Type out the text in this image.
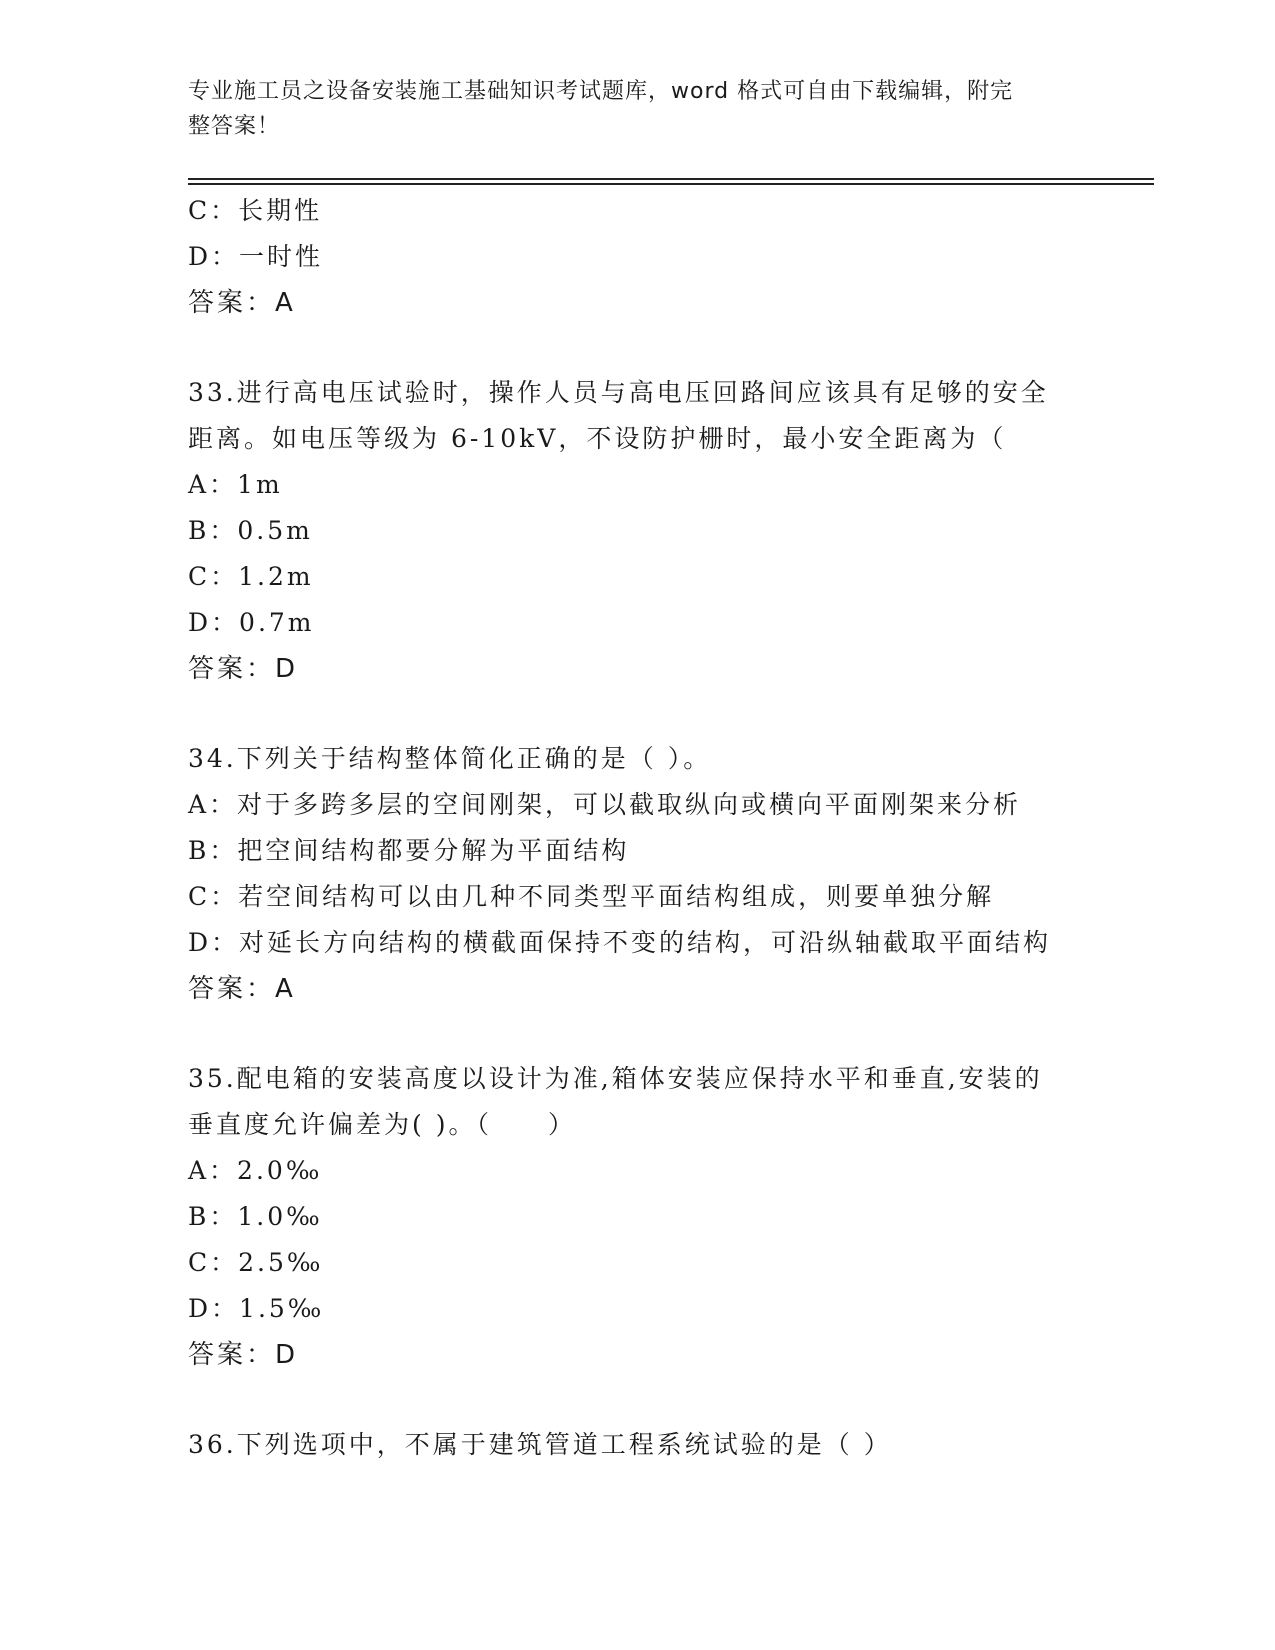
专业施工员之设备安装施工基础知识考试题库，word 格式可自由下载编辑，附完
整答案！
C：长期性
D：一时性
答案：A
33.进行高电压试验时，操作人员与高电压回路间应该具有足够的安全
距离。如电压等级为 6-10kV，不设防护栅时，最小安全距离为（
A：1m
B：0.5m
C：1.2m
D：0.7m
答案：D
34.下列关于结构整体简化正确的是（ ）。
A：对于多跨多层的空间刚架，可以截取纵向或横向平面刚架来分析
B：把空间结构都要分解为平面结构
C：若空间结构可以由几种不同类型平面结构组成，则要单独分解
D：对延长方向结构的横截面保持不变的结构，可沿纵轴截取平面结构
答案：A
35.配电箱的安装高度以设计为准,箱体安装应保持水平和垂直,安装的
垂直度允许偏差为( )。（　　）
A：2.0‰
B：1.0‰
C：2.5‰
D：1.5‰
答案：D
36.下列选项中，不属于建筑管道工程系统试验的是（ ）
